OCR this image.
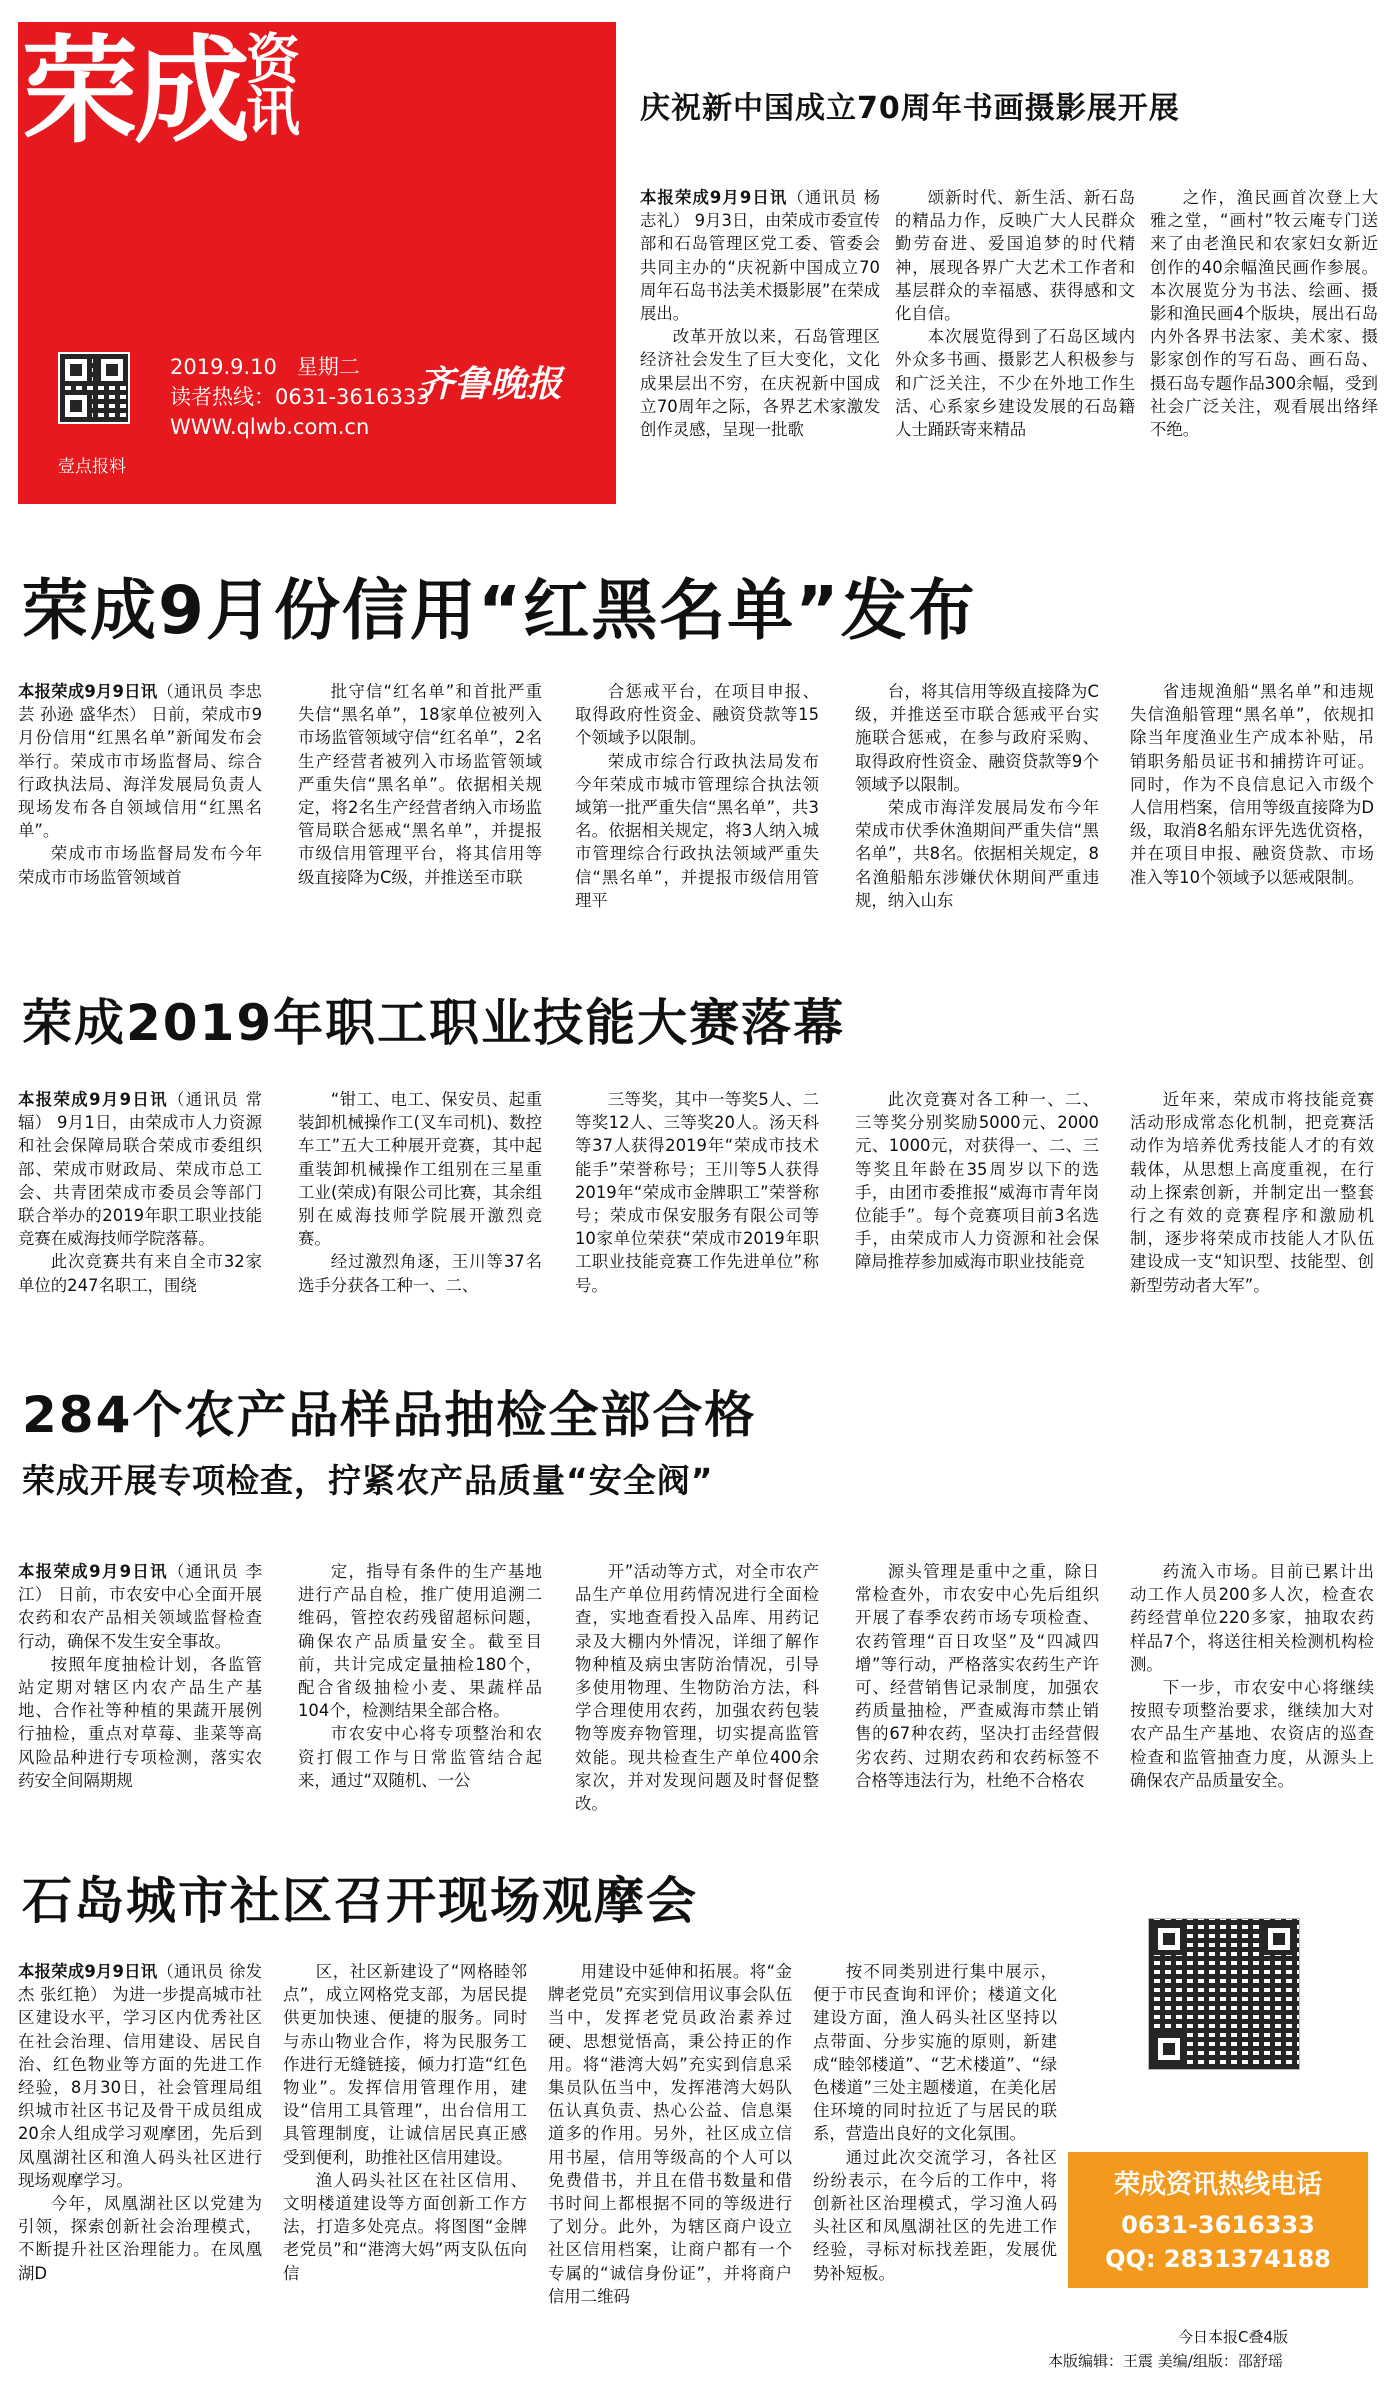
荣成资
讯
壹点报料
2019.9.10 星期二
读者热线：0631-3616333
WWW.qlwb.com.cn
齐鲁晚报
庆祝新中国成立70周年书画摄影展开展

本报荣成9月9日讯（通讯员 杨志礼） 9月3日，由荣成市委宣传部和石岛管理区党工委、管委会共同主办的“庆祝新中国成立70周年石岛书法美术摄影展”在荣成展出。

改革开放以来，石岛管理区经济社会发生了巨大变化，文化成果层出不穷，在庆祝新中国成立70周年之际，各界艺术家激发创作灵感，呈现一批歌

颂新时代、新生活、新石岛的精品力作，反映广大人民群众勤劳奋进、爱国追梦的时代精神，展现各界广大艺术工作者和基层群众的幸福感、获得感和文化自信。

本次展览得到了石岛区域内外众多书画、摄影艺人积极参与和广泛关注，不少在外地工作生活、心系家乡建设发展的石岛籍人士踊跃寄来精品

之作，渔民画首次登上大雅之堂，“画村”牧云庵专门送来了由老渔民和农家妇女新近创作的40余幅渔民画作参展。本次展览分为书法、绘画、摄影和渔民画4个版块，展出石岛内外各界书法家、美术家、摄影家创作的写石岛、画石岛、摄石岛专题作品300余幅，受到社会广泛关注，观看展出络绎不绝。

荣成9月份信用“红黑名单”发布

本报荣成9月9日讯（通讯员 李忠芸 孙逊 盛华杰） 日前，荣成市9月份信用“红黑名单”新闻发布会举行。荣成市市场监督局、综合行政执法局、海洋发展局负责人现场发布各自领域信用“红黑名单”。

荣成市市场监督局发布今年荣成市市场监管领域首

批守信“红名单”和首批严重失信“黑名单”，18家单位被列入市场监管领域守信“红名单”，2名生产经营者被列入市场监管领域严重失信“黑名单”。依据相关规定，将2名生产经营者纳入市场监管局联合惩戒“黑名单”，并提报市级信用管理平台，将其信用等级直接降为C级，并推送至市联

合惩戒平台，在项目申报、取得政府性资金、融资贷款等15个领域予以限制。

荣成市综合行政执法局发布今年荣成市城市管理综合执法领域第一批严重失信“黑名单”，共3名。依据相关规定，将3人纳入城市管理综合行政执法领域严重失信“黑名单”，并提报市级信用管理平

台，将其信用等级直接降为C级，并推送至市联合惩戒平台实施联合惩戒，在参与政府采购、取得政府性资金、融资贷款等9个领域予以限制。

荣成市海洋发展局发布今年荣成市伏季休渔期间严重失信“黑名单”，共8名。依据相关规定，8名渔船船东涉嫌伏休期间严重违规，纳入山东

省违规渔船“黑名单”和违规失信渔船管理“黑名单”，依规扣除当年度渔业生产成本补贴，吊销职务船员证书和捕捞许可证。同时，作为不良信息记入市级个人信用档案，信用等级直接降为D级，取消8名船东评先选优资格，并在项目申报、融资贷款、市场准入等10个领域予以惩戒限制。

荣成2019年职工职业技能大赛落幕

本报荣成9月9日讯（通讯员 常辐） 9月1日，由荣成市人力资源和社会保障局联合荣成市委组织部、荣成市财政局、荣成市总工会、共青团荣成市委员会等部门联合举办的2019年职工职业技能竞赛在威海技师学院落幕。

此次竞赛共有来自全市32家单位的247名职工，围绕

“钳工、电工、保安员、起重装卸机械操作工(叉车司机)、数控车工”五大工种展开竞赛，其中起重装卸机械操作工组别在三星重工业(荣成)有限公司比赛，其余组别在威海技师学院展开激烈竞赛。

经过激烈角逐，王川等37名选手分获各工种一、二、

三等奖，其中一等奖5人、二等奖12人、三等奖20人。汤天科等37人获得2019年“荣成市技术能手”荣誉称号；王川等5人获得2019年“荣成市金牌职工”荣誉称号；荣成市保安服务有限公司等10家单位荣获“荣成市2019年职工职业技能竞赛工作先进单位”称号。

此次竞赛对各工种一、二、三等奖分别奖励5000元、2000元、1000元，对获得一、二、三等奖且年龄在35周岁以下的选手，由团市委推报“威海市青年岗位能手”。每个竞赛项目前3名选手，由荣成市人力资源和社会保障局推荐参加威海市职业技能竞

近年来，荣成市将技能竞赛活动形成常态化机制，把竞赛活动作为培养优秀技能人才的有效载体，从思想上高度重视，在行动上探索创新，并制定出一整套行之有效的竞赛程序和激励机制，逐步将荣成市技能人才队伍建设成一支“知识型、技能型、创新型劳动者大军”。

284个农产品样品抽检全部合格
荣成开展专项检查，拧紧农产品质量“安全阀”

本报荣成9月9日讯（通讯员 李江） 日前，市农安中心全面开展农药和农产品相关领域监督检查行动，确保不发生安全事故。

按照年度抽检计划，各监管站定期对辖区内农产品生产基地、合作社等种植的果蔬开展例行抽检，重点对草莓、韭菜等高风险品种进行专项检测，落实农药安全间隔期规

定，指导有条件的生产基地进行产品自检，推广使用追溯二维码，管控农药残留超标问题，确保农产品质量安全。截至目前，共计完成定量抽检180个，配合省级抽检小麦、果蔬样品104个，检测结果全部合格。

市农安中心将专项整治和农资打假工作与日常监管结合起来，通过“双随机、一公

开”活动等方式，对全市农产品生产单位用药情况进行全面检查，实地查看投入品库、用药记录及大棚内外情况，详细了解作物种植及病虫害防治情况，引导多使用物理、生物防治方法，科学合理使用农药，加强农药包装物等废弃物管理，切实提高监管效能。现共检查生产单位400余家次，并对发现问题及时督促整改。

源头管理是重中之重，除日常检查外，市农安中心先后组织开展了春季农药市场专项检查、农药管理“百日攻坚”及“四减四增”等行动，严格落实农药生产许可、经营销售记录制度，加强农药质量抽检，严查威海市禁止销售的67种农药，坚决打击经营假劣农药、过期农药和农药标签不合格等违法行为，杜绝不合格农

药流入市场。目前已累计出动工作人员200多人次，检查农药经营单位220多家，抽取农药样品7个，将送往相关检测机构检测。

下一步，市农安中心将继续按照专项整治要求，继续加大对农产品生产基地、农资店的巡查检查和监管抽查力度，从源头上确保农产品质量安全。

石岛城市社区召开现场观摩会

本报荣成9月9日讯（通讯员 徐发杰 张红艳） 为进一步提高城市社区建设水平，学习区内优秀社区在社会治理、信用建设、居民自治、红色物业等方面的先进工作经验，8月30日，社会管理局组织城市社区书记及骨干成员组成20余人组成学习观摩团，先后到凤凰湖社区和渔人码头社区进行现场观摩学习。

今年，凤凰湖社区以党建为引领，探索创新社会治理模式，不断提升社区治理能力。在凤凰湖D

区，社区新建设了“网格睦邻点”，成立网格党支部，为居民提供更加快速、便捷的服务。同时与赤山物业合作，将为民服务工作进行无缝链接，倾力打造“红色物业”。发挥信用管理作用，建设“信用工具管理”，出台信用工具管理制度，让诚信居民真正感受到便利，助推社区信用建设。

渔人码头社区在社区信用、文明楼道建设等方面创新工作方法，打造多处亮点。将图图“金牌老党员”和“港湾大妈”两支队伍向信

用建设中延伸和拓展。将“金牌老党员”充实到信用议事会队伍当中，发挥老党员政治素养过硬、思想觉悟高，秉公持正的作用。将“港湾大妈”充实到信息采集员队伍当中，发挥港湾大妈队伍认真负责、热心公益、信息渠道多的作用。另外，社区成立信用书屋，信用等级高的个人可以免费借书，并且在借书数量和借书时间上都根据不同的等级进行了划分。此外，为辖区商户设立社区信用档案，让商户都有一个专属的“诚信身份证”，并将商户信用二维码

按不同类别进行集中展示，便于市民查询和评价；楼道文化建设方面，渔人码头社区坚持以点带面、分步实施的原则，新建成“睦邻楼道”、“艺术楼道”、“绿色楼道”三处主题楼道，在美化居住环境的同时拉近了与居民的联系，营造出良好的文化氛围。

通过此次交流学习，各社区纷纷表示，在今后的工作中，将创新社区治理模式，学习渔人码头社区和凤凰湖社区的先进工作经验，寻标对标找差距，发展优势补短板。

荣成资讯热线电话
0631-3616333
QQ: 2831374188
今日本报C叠4版
本版编辑：王震 美编/组版：邵舒瑶
